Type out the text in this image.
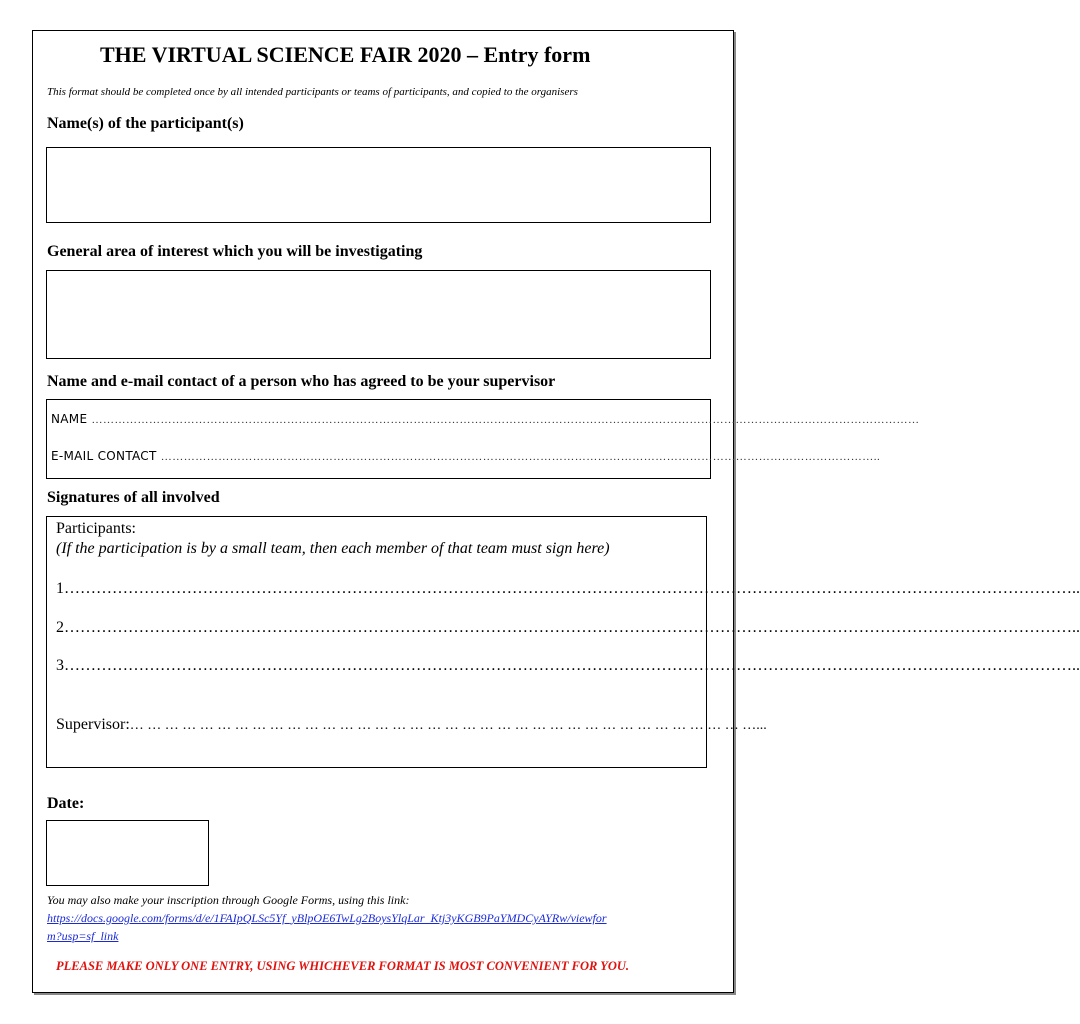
THE VIRTUAL SCIENCE FAIR 2020 – Entry form
This format should be completed once by all intended participants or teams of participants, and copied to the organisers
Name(s) of the participant(s)
General area of interest which you will be investigating
Name and e-mail contact of a person who has agreed to be your supervisor
NAME ………………………………………………………………………………………………………………………………………………………………………………………………
E-MAIL CONTACT ……………………………………………………………………………………………………………………………………………………………………..
Signatures of all involved
Participants:
(If the participation is by a small team, then each member of that team must sign here)
1………………………………………………………………………………………………………………………………………………………………………..
2………………………………………………………………………………………………………………………………………………………………………..
3………………………………………………………………………………………………………………………………………………………………………..
Supervisor:… … … … … … … … … … … … … … … … … … … … … … … … … … … … … … … … … … … …...
Date:
You may also make your inscription through Google Forms, using this link:
https://docs.google.com/forms/d/e/1FAIpQLSc5Yf_yBlpOE6TwLg2BoysYlqLar_Ktj3yKGB9PaYMDCyAYRw/viewfor
m?usp=sf_link
PLEASE MAKE ONLY ONE ENTRY, USING WHICHEVER FORMAT IS MOST CONVENIENT FOR YOU.
